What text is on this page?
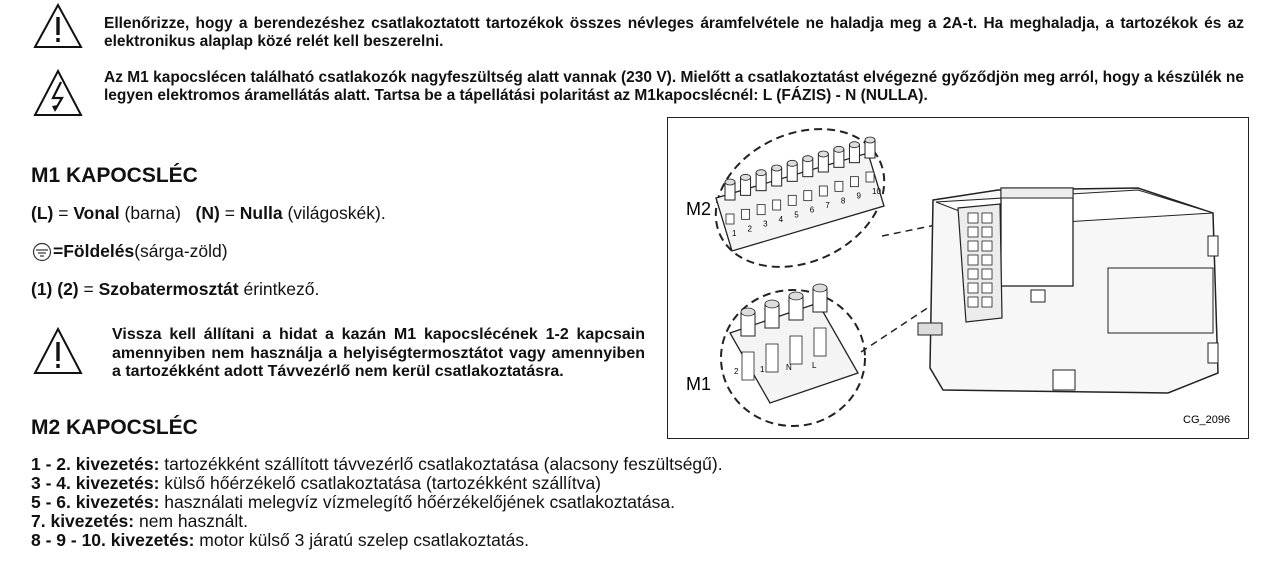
Ellenőrizze, hogy a berendezéshez csatlakoztatott tartozékok összes névleges áramfelvétele ne haladja meg a 2A-t. Ha meghaladja, a tartozékok és az elektronikus alaplap közé relét kell beszerelni.
Az M1 kapocslécen található csatlakozók nagyfeszültség alatt vannak (230 V). Mielőtt a csatlakoztatást elvégezné győződjön meg arról, hogy a készülék ne legyen elektromos áramellátás alatt. Tartsa be a tápellátási polaritást az M1kapocslécnél: L (FÁZIS) - N (NULLA).
M1 KAPOCSLÉC
(L) = Vonal (barna) (N) = Nulla (világoskék).
= Földelés (sárga-zöld)
(1) (2) = Szobatermosztát érintkező.
Vissza kell állítani a hidat a kazán M1 kapocslécének 1-2 kapcsain amennyiben nem használja a helyiségtermosztátot vagy amennyiben a tartozékként adott Távvezérlő nem kerül csatlakoztatásra.
M2 KAPOCSLÉC
1 - 2. kivezetés: tartozékként szállított távvezérlő csatlakoztatása (alacsony feszültségű).
3 - 4. kivezetés: külső hőérzékelő csatlakoztatása (tartozékként szállítva)
5 - 6. kivezetés: használati melegvíz vízmelegítő hőérzékelőjének csatlakoztatása.
7. kivezetés: nem használt.
8 - 9 - 10. kivezetés: motor külső 3 járatú szelep csatlakoztatás.
M2
M1
CG_2096
1
2
3
4
5
6
7
8
9
10
2	1	N	L
